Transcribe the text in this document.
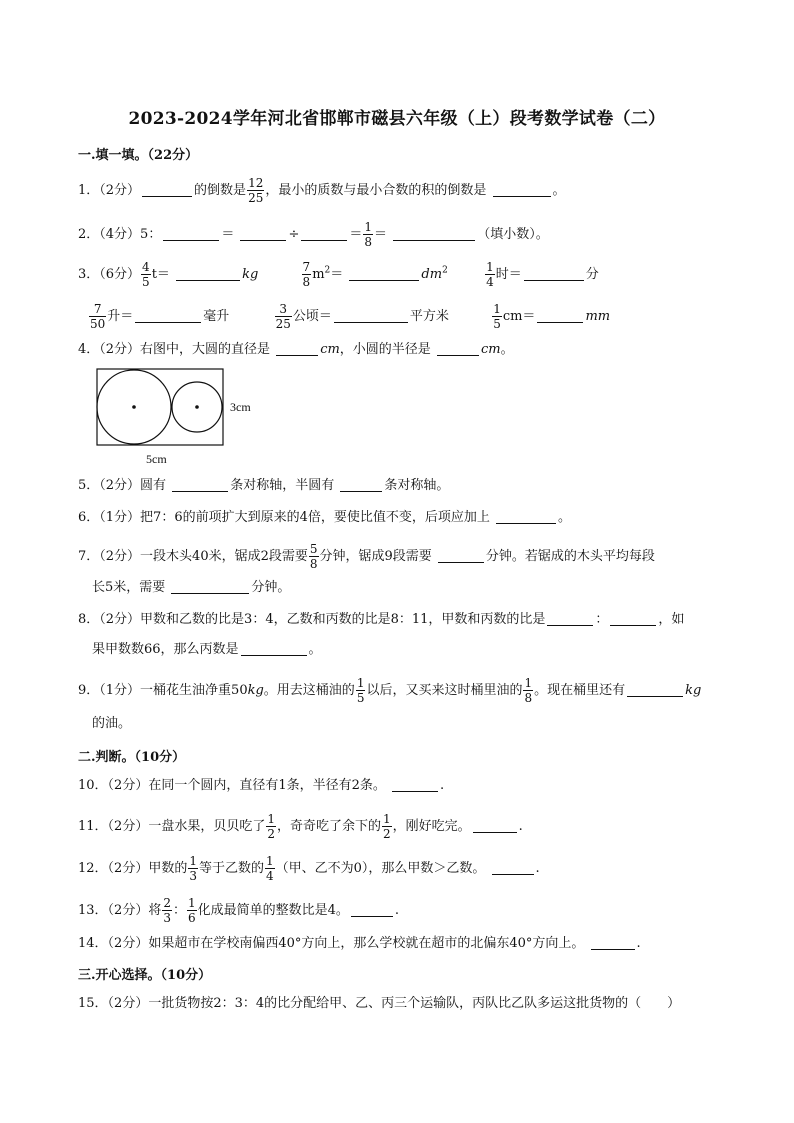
2023-2024学年河北省邯郸市磁县六年级（上）段考数学试卷（二）
一.填一填。（22分）
1．（2分）	的倒数是 $\frac{12}{25}$ ，最小的质数与最小合数的积的倒数是	。
2．（4分）5：	＝	÷	＝ $\frac{1}{8}$ ＝	（填小数）。
3．（6分） $\frac{4}{5} t=$	kg	$\frac{7}{8} m^2=$	$dm^2$	$\frac{1}{4}$ 时＝	分
$\frac{7}{50}$ 升＝	毫升	$\frac{3}{25}$ 公顷＝	平方米	$\frac{1}{5} cm=$	mm
4．（2分）右图中，大圆的直径是	cm，小圆的半径是	cm。
3cm
5cm
5．（2分）圆有	条对称轴，半圆有	条对称轴。
6．（1分）把7：6的前项扩大到原来的4倍，要使比值不变，后项应加上	。
7．（2分）一段木头40米，锯成2段需要 $\frac{5}{8}$ 分钟，锯成9段需要	分钟。若锯成的木头平均每段
长5米，需要	分钟。
8．（2分）甲数和乙数的比是3：4，乙数和丙数的比是8：11，甲数和丙数的比是	：	，如
果甲数数66，那么丙数是	。
9．（1分）一桶花生油净重50kg。用去这桶油的 $\frac{1}{5}$ 以后，又买来这时桶里油的 $\frac{1}{8}$ 。现在桶里还有	kg
的油。
二.判断。（10分）
10．（2分）在同一个圆内，直径有1条，半径有2条。	.
11．（2分）一盘水果，贝贝吃了 $\frac{1}{2}$ ，奇奇吃了余下的 $\frac{1}{2}$ ，刚好吃完。	.
12．（2分）甲数的 $\frac{1}{3}$ 等于乙数的 $\frac{1}{4}$ （甲、乙不为0），那么甲数＞乙数。	.
13．（2分）将 $\frac{2}{3}$ ： $\frac{1}{6}$ 化成最简单的整数比是4。	.
14．（2分）如果超市在学校南偏西40°方向上，那么学校就在超市的北偏东40°方向上。	.
三.开心选择。（10分）
15．（2分）一批货物按2：3：4的比分配给甲、乙、丙三个运输队，丙队比乙队多运这批货物的（　　）
